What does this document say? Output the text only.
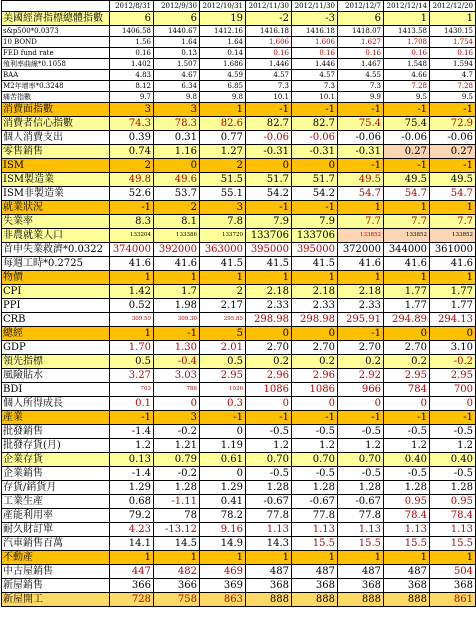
	2012/8/31	2012/9/30	2012/10/31	2012/11/30	2012/11/30	2012/12/7	2012/12/14	2012/12/20
美國經濟指標總體指數	6	6	19	-2	-3	6	1	1
s&p500*0.0373	1406.58	1440.67	1412.16	1416.18	1416.18	1418.07	1413.58	1430.15
10 BOND	1.56	1.64	1.64	1.606	1.606	1.627	1.708	1.754
FED fund rate	0.16	0.13	0.14	0.16	0.16	0.16	0.16	0.16
殖利率曲線*0.1058	1.402	1.507	1.686	1.446	1.446	1.467	1.548	1.594
BAA	4.83	4.67	4.59	4.57	4.57	4.55	4.66	4.7
M2年增率*0.3248	8.12	6.34	6.85	7.3	7.3	7.3	7.28	7.28
痛苦指數	9.7	9.8	9.8	10.1	10.1	9.9	9.5	9.5
消費面指數	3	3	1	-1	-1	-1	-1	-1
消費者信心指數	74.3	78.3	82.6	82.7	82.7	75.4	75.4	72.9
個人消費支出	0.39	0.31	0.77	-0.06	-0.06	-0.06	-0.06	-0.06
零售銷售	0.74	1.16	1.27	-0.31	-0.31	-0.31	0.27	0.27
ISM	2	0	2	0	0	-1	-1	-1
ISM製造業	49.8	49.6	51.5	51.7	51.7	49.5	49.5	49.5
ISM非製造業	52.6	53.7	55.1	54.2	54.2	54.7	54.7	54.7
就業狀況	-1	2	3	-1	-1	1	1	1
失業率	8.3	8.1	7.8	7.9	7.9	7.7	7.7	7.7
非農就業人口	133204	133386	133720	133706	133706	133852	133852	133852
首申失業救濟*0.0322	374000	392000	363000	395000	395000	372000	344000	361000
每週工時*0.2725	41.6	41.6	41.5	41.5	41.5	41.6	41.6	41.6
物價	1	1	1	1	1	1	1	1
CPI	1.42	1.7	2	2.18	2.18	2.18	1.77	1.77
PPI	0.52	1.98	2.17	2.33	2.33	2.33	1.77	1.77
CRB	309.59	309.30	295.85	298.98	298.98	295.91	294.89	294.13
總經	1	-1	5	0	0	-1	0	0
GDP	1.70	1.30	2.01	2.70	2.70	2.70	2.70	3.10
領先指標	0.5	-0.4	0.5	0.2	0.2	0.2	0.2	-0.2
風險貼水	3.27	3.03	2.95	2.96	2.96	2.92	2.95	2.95
BDI	703	786	1026	1086	1086	966	784	700
個人所得成長	0.1	0	0.3	0	0	0	0	0
產業	-1	3	-1	-1	-1	-1	-1	-1
批發銷售	-1.4	-0.2	0	-0.5	-0.5	-0.5	-0.5	-0.5
批發存貨(月)	1.2	1.21	1.19	1.2	1.2	1.2	1.2	1.2
企業存貨	0.13	0.79	0.61	0.70	0.70	0.70	0.40	0.40
企業銷售	-1.4	-0.2	0	-0.5	-0.5	-0.5	-0.5	-0.5
存貨/銷貨月	1.29	1.28	1.29	1.28	1.28	1.28	1.28	1.28
工業生產	0.68	-1.11	0.41	-0.67	-0.67	-0.67	0.95	0.95
產能利用率	79.2	78	78.2	77.8	77.8	77.8	78.4	78.4
耐久財訂單	4.23	-13.12	9.16	1.13	1.13	1.13	1.13	1.13
汽車銷售百萬	14.1	14.5	14.9	14.3	15.5	15.5	15.5	15.5
不動產	1	1	1	1	1	1	1	1
中古屋銷售	447	482	469	487	487	487	487	504
新屋銷售	366	366	369	368	368	368	368	368
新屋開工	728	758	863	888	888	888	888	861
